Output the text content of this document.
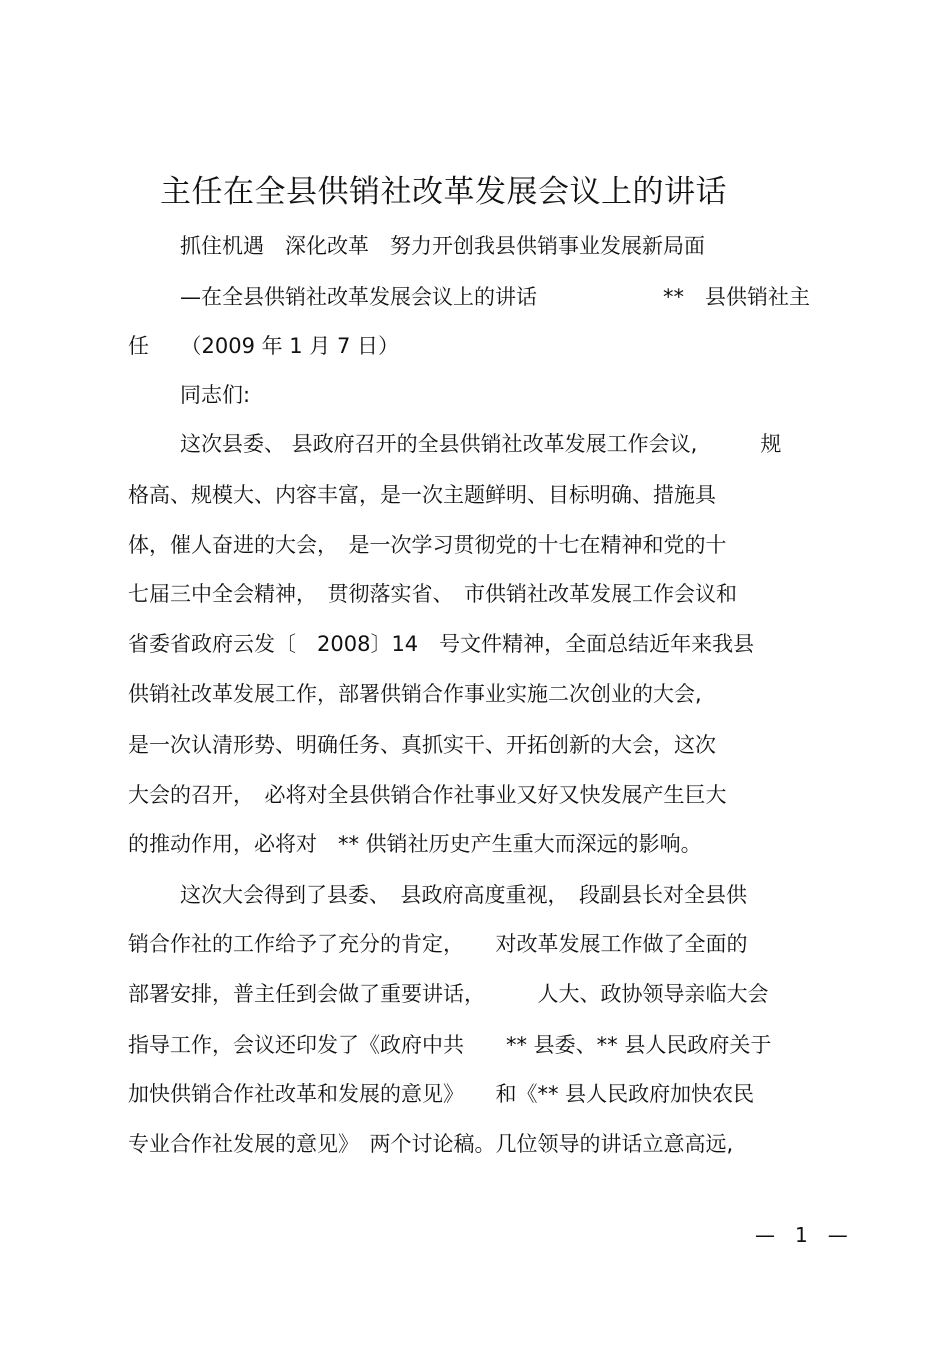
主任在全县供销社改革发展会议上的讲话
抓住机遇　深化改革　努力开创我县供销事业发展新局面
—在全县供销社改革发展会议上的讲话　　　　　　**　县供销社主
任　　（2009 年 1 月 7 日）
同志们:
这次县委、 县政府召开的全县供销社改革发展工作会议,　　　规
格高、规模大、内容丰富，是一次主题鲜明、目标明确、措施具
体，催人奋进的大会，　是一次学习贯彻党的十七在精神和党的十
七届三中全会精神，　贯彻落实省、　市供销社改革发展工作会议和
省委省政府云发〔　2008〕14　号文件精神，全面总结近年来我县
供销社改革发展工作，部署供销合作事业实施二次创业的大会,
是一次认清形势、明确任务、真抓实干、开拓创新的大会，这次
大会的召开，　必将对全县供销合作社事业又好又快发展产生巨大
的推动作用，必将对　** 供销社历史产生重大而深远的影响。
这次大会得到了县委、　县政府高度重视，　段副县长对全县供
销合作社的工作给予了充分的肯定，　　对改革发展工作做了全面的
部署安排，普主任到会做了重要讲话，　　　人大、政协领导亲临大会
指导工作，会议还印发了《政府中共　　** 县委、** 县人民政府关于
加快供销合作社改革和发展的意见》　　和《** 县人民政府加快农民
专业合作社发展的意见》　两个讨论稿。几位领导的讲话立意高远,
—　1　—
